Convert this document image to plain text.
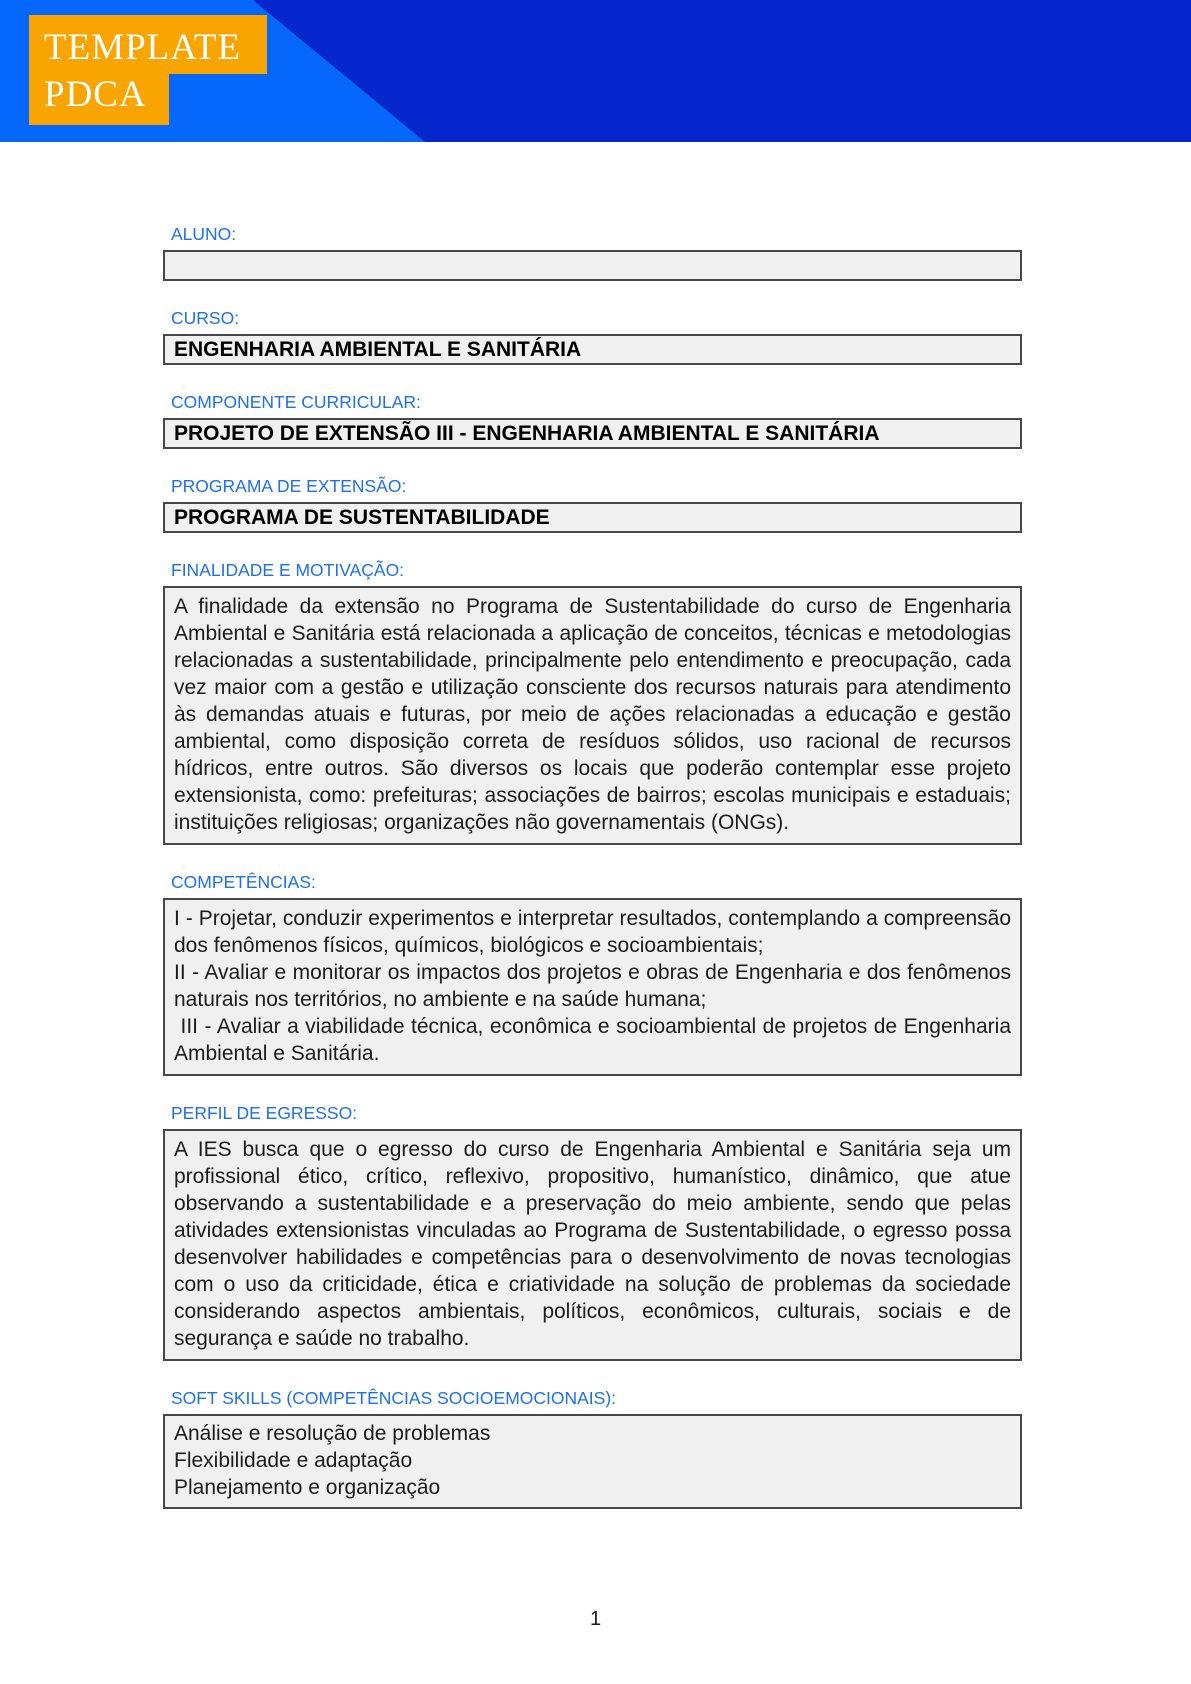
TEMPLATE
PDCA
ALUNO:
CURSO:
ENGENHARIA AMBIENTAL E SANITÁRIA
COMPONENTE CURRICULAR:
PROJETO DE EXTENSÃO III - ENGENHARIA AMBIENTAL E SANITÁRIA
PROGRAMA DE EXTENSÃO:
PROGRAMA DE SUSTENTABILIDADE
FINALIDADE E MOTIVAÇÃO:
A finalidade da extensão no Programa de Sustentabilidade do curso de Engenharia Ambiental e Sanitária está relacionada a aplicação de conceitos, técnicas e metodologias relacionadas a sustentabilidade, principalmente pelo entendimento e preocupação, cada vez maior com a gestão e utilização consciente dos recursos naturais para atendimento às demandas atuais e futuras, por meio de ações relacionadas a educação e gestão ambiental, como disposição correta de resíduos sólidos, uso racional de recursos hídricos, entre outros. São diversos os locais que poderão contemplar esse projeto extensionista, como: prefeituras; associações de bairros; escolas municipais e estaduais; instituições religiosas; organizações não governamentais (ONGs).
COMPETÊNCIAS:
I - Projetar, conduzir experimentos e interpretar resultados, contemplando a compreensão dos fenômenos físicos, químicos, biológicos e socioambientais;
II - Avaliar e monitorar os impactos dos projetos e obras de Engenharia e dos fenômenos naturais nos territórios, no ambiente e na saúde humana;
III - Avaliar a viabilidade técnica, econômica e socioambiental de projetos de Engenharia Ambiental e Sanitária.
PERFIL DE EGRESSO:
A IES busca que o egresso do curso de Engenharia Ambiental e Sanitária seja um profissional ético, crítico, reflexivo, propositivo, humanístico, dinâmico, que atue observando a sustentabilidade e a preservação do meio ambiente, sendo que pelas atividades extensionistas vinculadas ao Programa de Sustentabilidade, o egresso possa desenvolver habilidades e competências para o desenvolvimento de novas tecnologias com o uso da criticidade, ética e criatividade na solução de problemas da sociedade considerando aspectos ambientais, políticos, econômicos, culturais, sociais e de segurança e saúde no trabalho.
SOFT SKILLS (COMPETÊNCIAS SOCIOEMOCIONAIS):
Análise e resolução de problemas
Flexibilidade e adaptação
Planejamento e organização
1
